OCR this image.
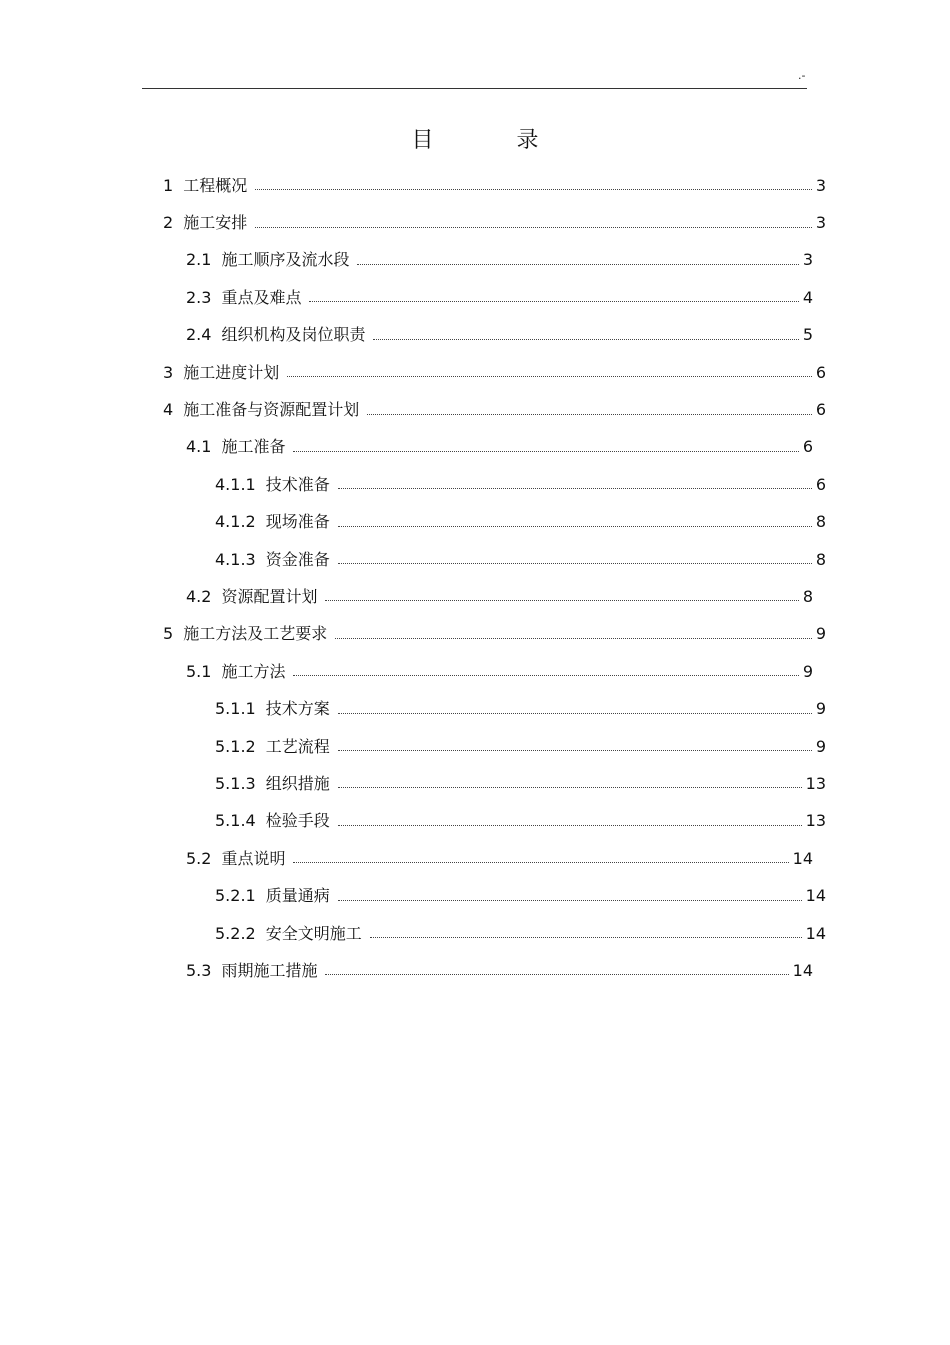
.-
目 录
1 工程概况	3
2 施工安排	3
2.1 施工顺序及流水段	3
2.3 重点及难点	4
2.4 组织机构及岗位职责	5
3 施工进度计划	6
4 施工准备与资源配置计划	6
4.1 施工准备	6
4.1.1 技术准备	6
4.1.2 现场准备	8
4.1.3 资金准备	8
4.2 资源配置计划	8
5 施工方法及工艺要求	9
5.1 施工方法	9
5.1.1 技术方案	9
5.1.2 工艺流程	9
5.1.3 组织措施	13
5.1.4 检验手段	13
5.2 重点说明	14
5.2.1 质量通病	14
5.2.2 安全文明施工	14
5.3 雨期施工措施	14
